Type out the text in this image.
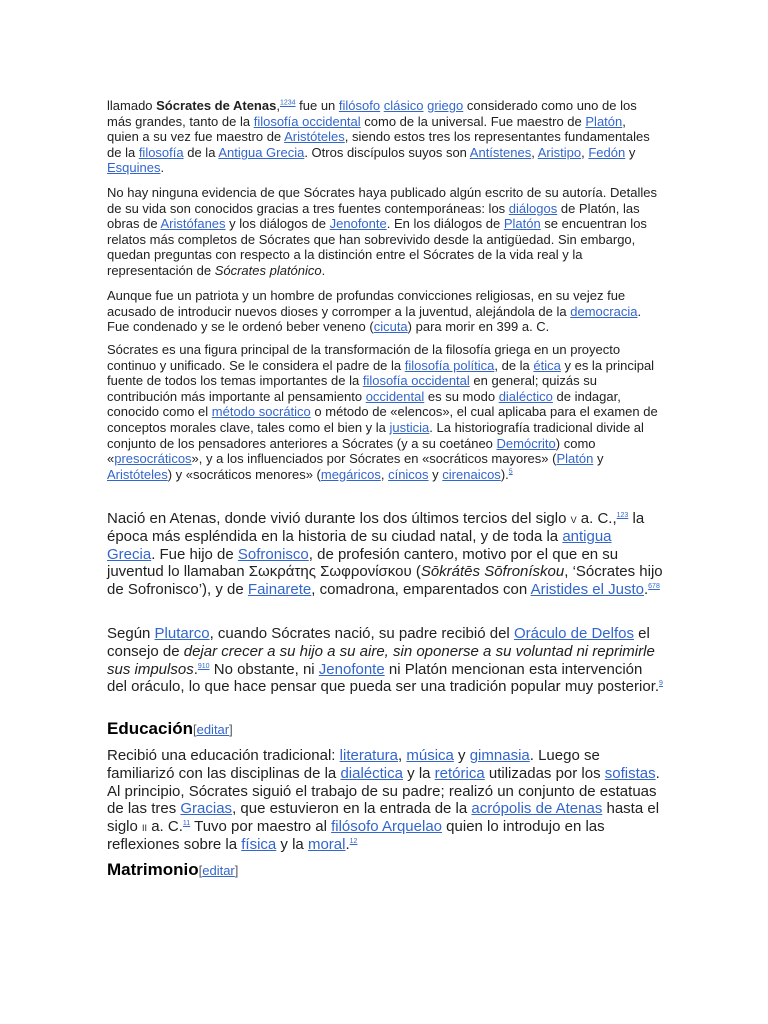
llamado Sócrates de Atenas,$^{1234}$ fue un filósofo clásico griego considerado como uno de los más grandes, tanto de la filosofía occidental como de la universal. Fue maestro de Platón, quien a su vez fue maestro de Aristóteles, siendo estos tres los representantes fundamentales de la filosofía de la Antigua Grecia. Otros discípulos suyos son Antístenes, Aristipo, Fedón y Esquines.

No hay ninguna evidencia de que Sócrates haya publicado algún escrito de su autoría. Detalles de su vida son conocidos gracias a tres fuentes contemporáneas: los diálogos de Platón, las obras de Aristófanes y los diálogos de Jenofonte. En los diálogos de Platón se encuentran los relatos más completos de Sócrates que han sobrevivido desde la antigüedad. Sin embargo, quedan preguntas con respecto a la distinción entre el Sócrates de la vida real y la representación de Sócrates platónico.

Aunque fue un patriota y un hombre de profundas convicciones religiosas, en su vejez fue acusado de introducir nuevos dioses y corromper a la juventud, alejándola de la democracia. Fue condenado y se le ordenó beber veneno (cicuta) para morir en 399 a. C.

Sócrates es una figura principal de la transformación de la filosofía griega en un proyecto continuo y unificado. Se le considera el padre de la filosofía política, de la ética y es la principal fuente de todos los temas importantes de la filosofía occidental en general; quizás su contribución más importante al pensamiento occidental es su modo dialéctico de indagar, conocido como el método socrático o método de «elencos», el cual aplicaba para el examen de conceptos morales clave, tales como el bien y la justicia. La historiografía tradicional divide al conjunto de los pensadores anteriores a Sócrates (y a su coetáneo Demócrito) como «presocráticos», y a los influenciados por Sócrates en «socráticos mayores» (Platón y Aristóteles) y «socráticos menores» (megáricos, cínicos y cirenaicos).$^5$

Nació en Atenas, donde vivió durante los dos últimos tercios del siglo v a. C.,$^{123}$ la época más espléndida en la historia de su ciudad natal, y de toda la antigua Grecia. Fue hijo de Sofronisco, de profesión cantero, motivo por el que en su juventud lo llamaban Σωκράτης Σωφρονίσκου (Sōkrátēs Sōfronískou, ‘Sócrates hijo de Sofronisco’), y de Fainarete, comadrona, emparentados con Aristides el Justo.$^{678}$

Según Plutarco, cuando Sócrates nació, su padre recibió del Oráculo de Delfos el consejo de dejar crecer a su hijo a su aire, sin oponerse a su voluntad ni reprimirle sus impulsos.$^{910}$ No obstante, ni Jenofonte ni Platón mencionan esta intervención del oráculo, lo que hace pensar que pueda ser una tradición popular muy posterior.$^9$

Educación[editar]

Recibió una educación tradicional: literatura, música y gimnasia. Luego se familiarizó con las disciplinas de la dialéctica y la retórica utilizadas por los sofistas. Al principio, Sócrates siguió el trabajo de su padre; realizó un conjunto de estatuas de las tres Gracias, que estuvieron en la entrada de la acrópolis de Atenas hasta el siglo ii a. C.$^{11}$ Tuvo por maestro al filósofo Arquelao quien lo introdujo en las reflexiones sobre la física y la moral.$^{12}$

Matrimonio[editar]
